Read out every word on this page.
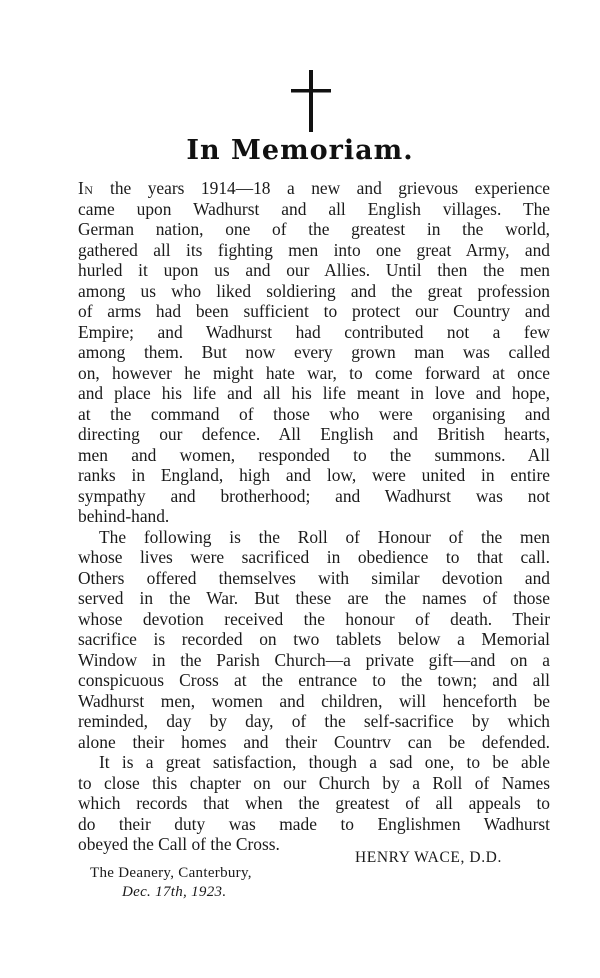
In Memoriam.
In the years 1914—18 a new and grievous experience
came upon Wadhurst and all English villages. The
German nation, one of the greatest in the world,
gathered all its fighting men into one great Army, and
hurled it upon us and our Allies. Until then the men
among us who liked soldiering and the great profession
of arms had been sufficient to protect our Country and
Empire; and Wadhurst had contributed not a few
among them. But now every grown man was called
on, however he might hate war, to come forward at once
and place his life and all his life meant in love and hope,
at the command of those who were organising and
directing our defence. All English and British hearts,
men and women, responded to the summons. All
ranks in England, high and low, were united in entire
sympathy and brotherhood; and Wadhurst was not
behind-hand.
The following is the Roll of Honour of the men
whose lives were sacrificed in obedience to that call.
Others offered themselves with similar devotion and
served in the War. But these are the names of those
whose devotion received the honour of death. Their
sacrifice is recorded on two tablets below a Memorial
Window in the Parish Church—a private gift—and on a
conspicuous Cross at the entrance to the town; and all
Wadhurst men, women and children, will henceforth be
reminded, day by day, of the self-sacrifice by which
alone their homes and their Countrv can be defended.
It is a great satisfaction, though a sad one, to be able
to close this chapter on our Church by a Roll of Names
which records that when the greatest of all appeals to
do their duty was made to Englishmen Wadhurst
obeyed the Call of the Cross.
HENRY WACE, D.D.
The Deanery, Canterbury,
Dec. 17th, 1923.
